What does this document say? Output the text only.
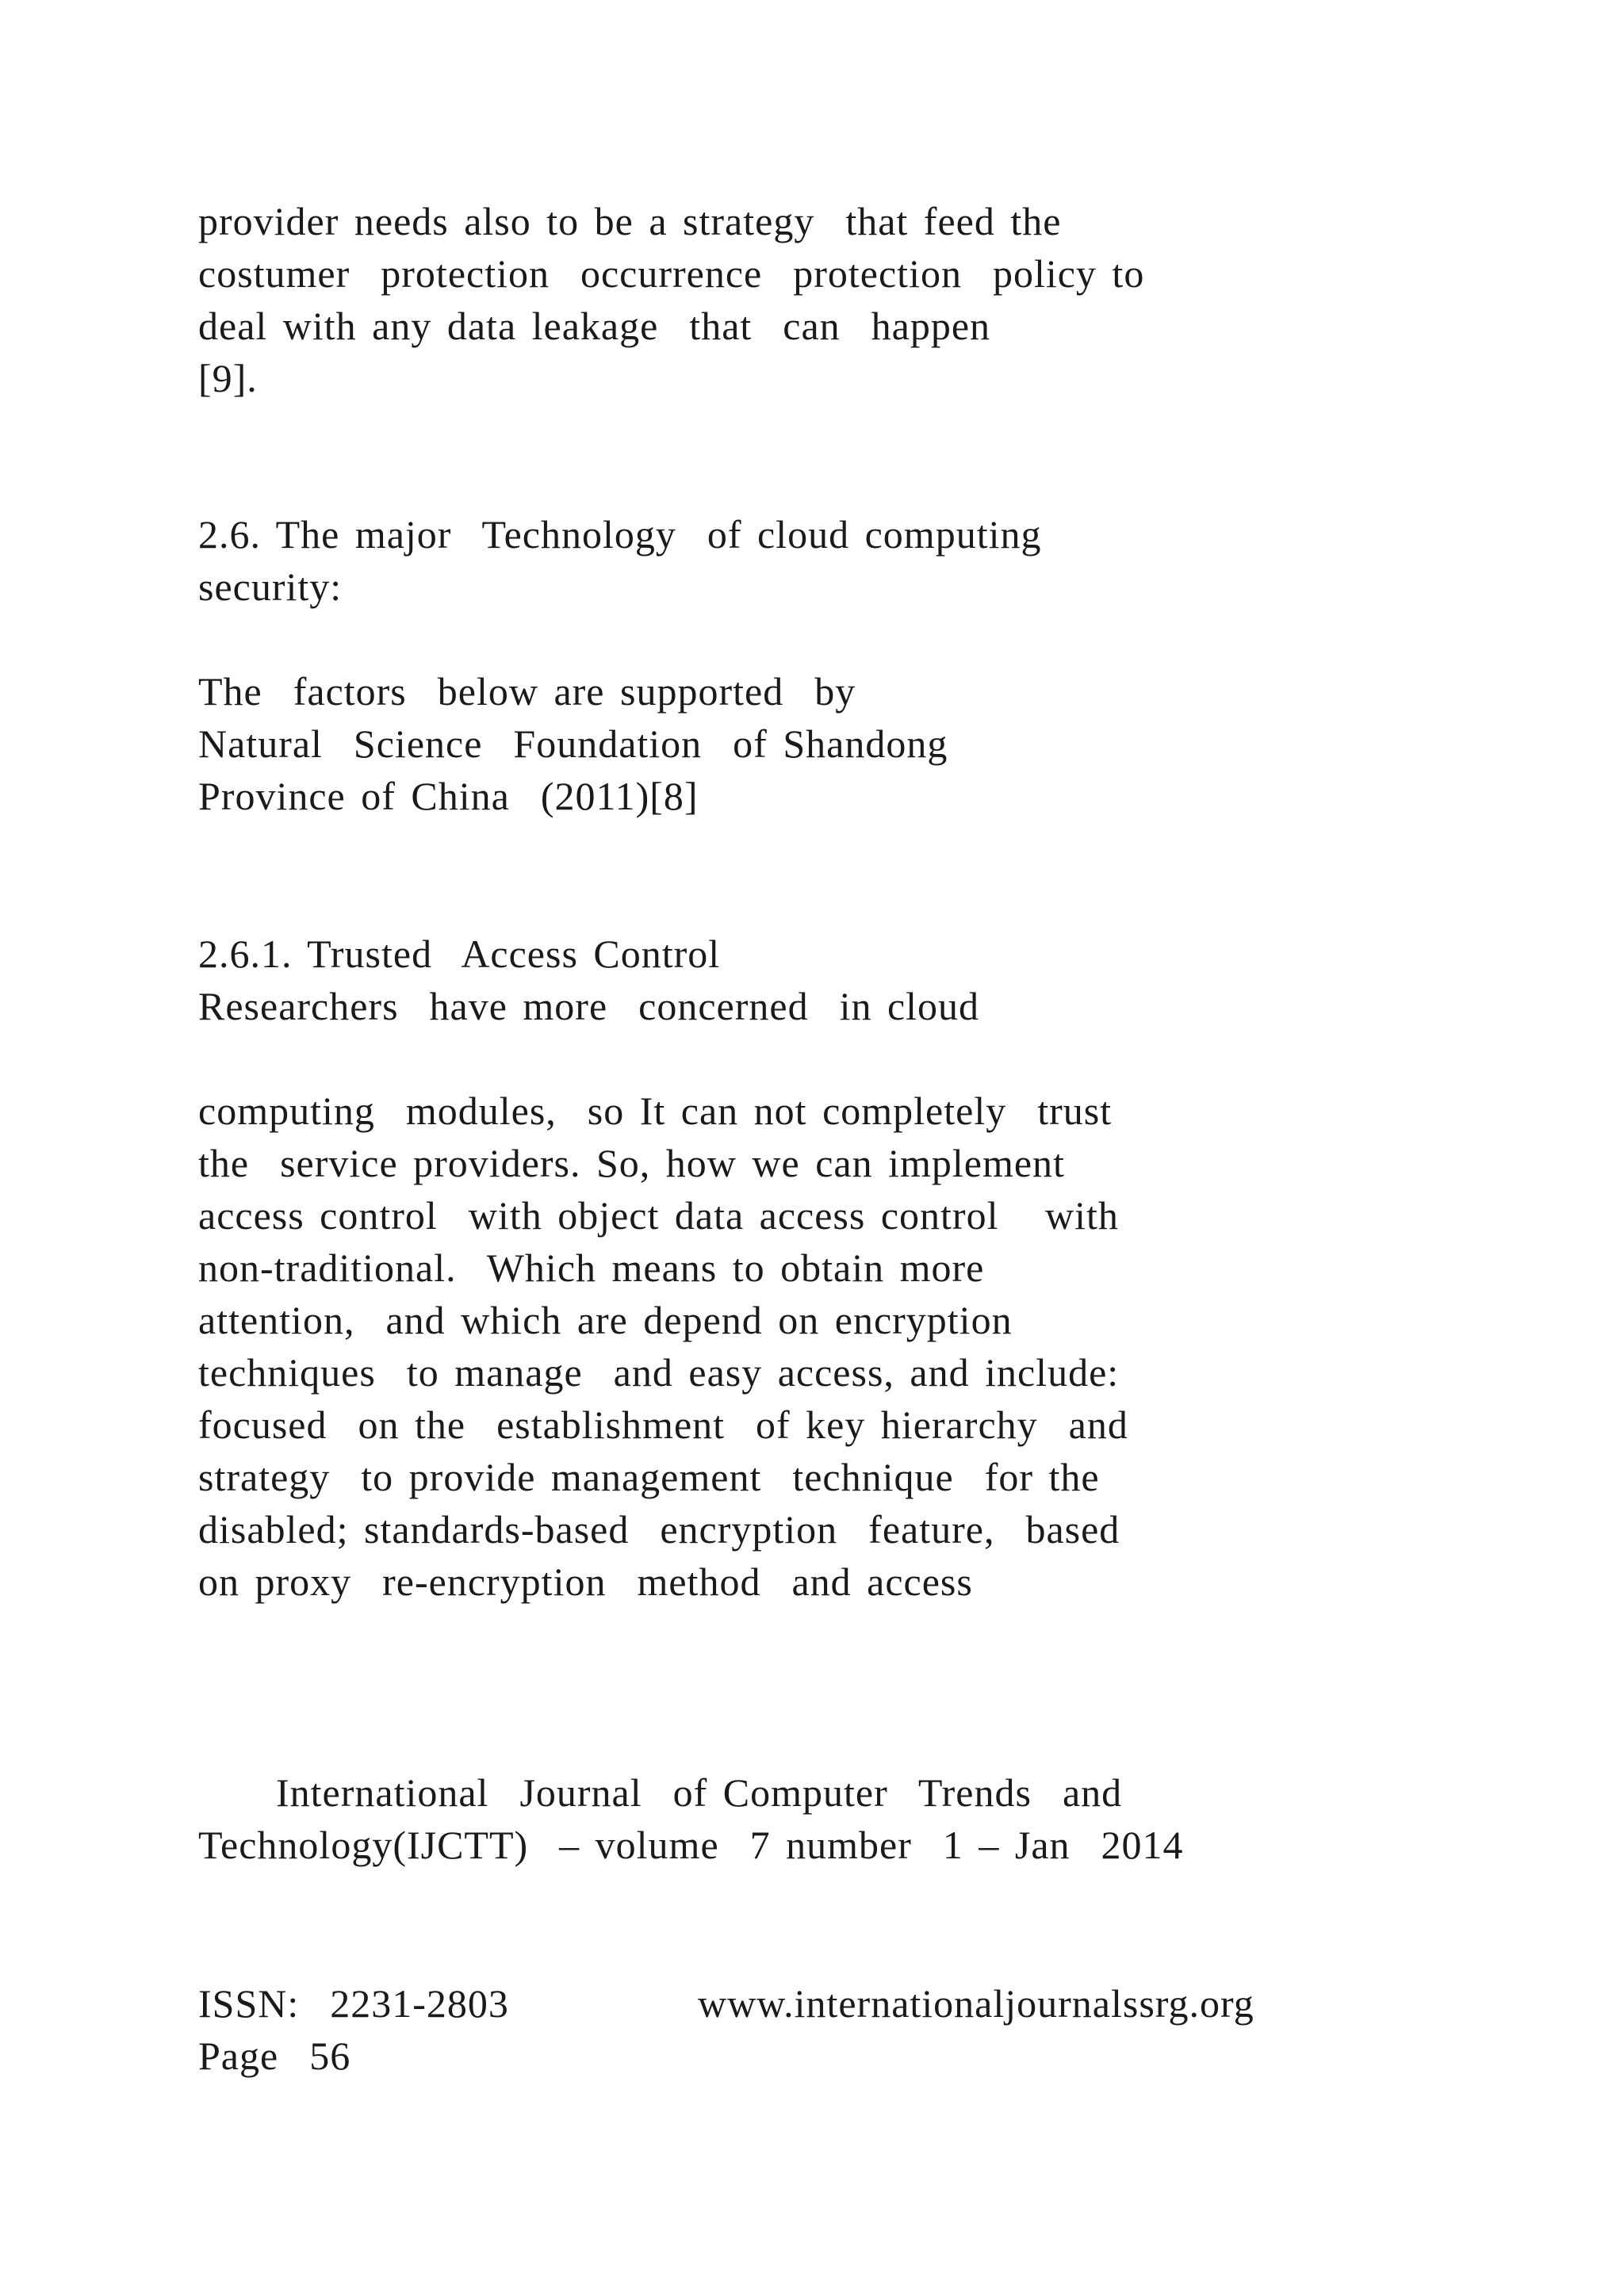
provider needs also to be a strategy  that feed the
costumer  protection  occurrence  protection  policy to
deal with any data leakage  that  can  happen
[9].
2.6. The major  Technology  of cloud computing
security:
The  factors  below are supported  by
Natural  Science  Foundation  of Shandong
Province of China  (2011)[8]
2.6.1. Trusted  Access Control
Researchers  have more  concerned  in cloud
computing  modules,  so It can not completely  trust
the  service providers. So, how we can implement
access control  with object data access control   with
non-traditional.  Which means to obtain more
attention,  and which are depend on encryption
techniques  to manage  and easy access, and include:
focused  on the  establishment  of key hierarchy  and
strategy  to provide management  technique  for the
disabled; standards-based  encryption  feature,  based
on proxy  re-encryption  method  and access
International  Journal  of Computer  Trends  and
Technology(IJCTT)  – volume  7 number  1 – Jan  2014
ISSN:  2231-2803	www.internationaljournalssrg.org
Page  56
